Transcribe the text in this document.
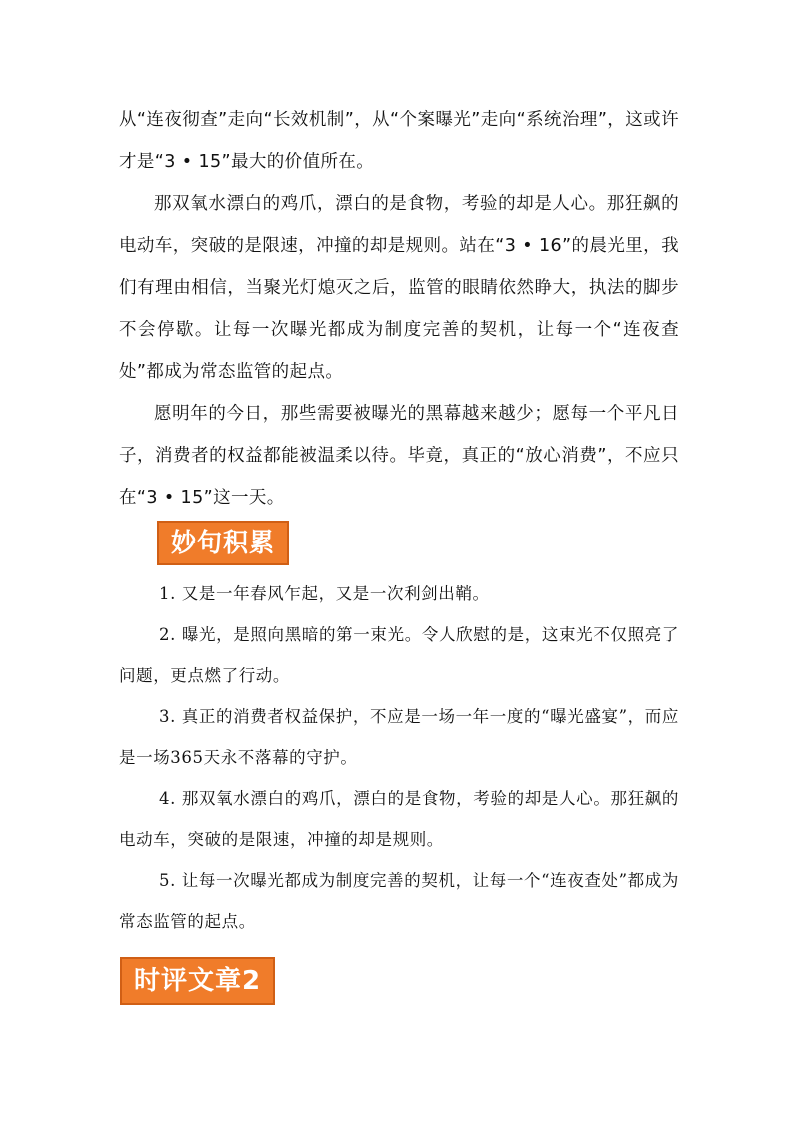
从“连夜彻查”走向“长效机制”，从“个案曝光”走向“系统治理”，这或许才是“3 • 15”最大的价值所在。

那双氧水漂白的鸡爪，漂白的是食物，考验的却是人心。那狂飙的电动车，突破的是限速，冲撞的却是规则。站在“3 • 16”的晨光里，我们有理由相信，当聚光灯熄灭之后，监管的眼睛依然睁大，执法的脚步不会停歇。让每一次曝光都成为制度完善的契机，让每一个“连夜查处”都成为常态监管的起点。

愿明年的今日，那些需要被曝光的黑幕越来越少；愿每一个平凡日子，消费者的权益都能被温柔以待。毕竟，真正的“放心消费”，不应只在“3 • 15”这一天。

妙句积累
1. 又是一年春风乍起，又是一次利剑出鞘。
2. 曝光，是照向黑暗的第一束光。令人欣慰的是，这束光不仅照亮了问题，更点燃了行动。
3. 真正的消费者权益保护，不应是一场一年一度的“曝光盛宴”，而应是一场365天永不落幕的守护。
4. 那双氧水漂白的鸡爪，漂白的是食物，考验的却是人心。那狂飙的电动车，突破的是限速，冲撞的却是规则。
5. 让每一次曝光都成为制度完善的契机，让每一个“连夜查处”都成为常态监管的起点。
时评文章2
